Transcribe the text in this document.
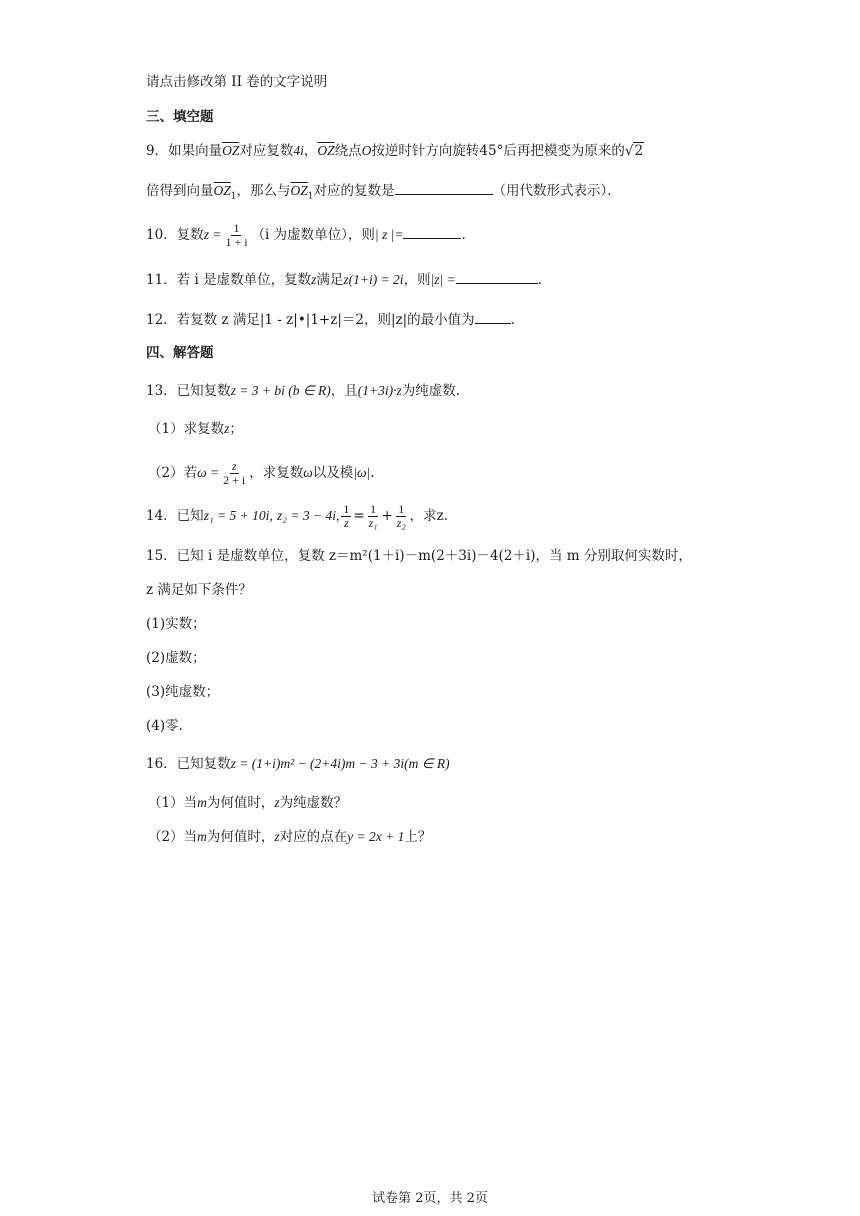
请点击修改第 II 卷的文字说明
三、填空题
9．如果向量$\overline{OZ}$对应复数4i，$\overline{OZ}$绕点O按逆时针方向旋转45°后再把模变为原来的√2
倍得到向量$\overline{OZ}_1$，那么与$\overline{OZ}_1$对应的复数是	（用代数形式表示）．
10．复数$z = \frac{1}{1 + i} (i$ 为虚数单位），则| z |=	.
11．若 i 是虚数单位，复数z满足z(1+i) = 2i，则|z| =	.
12．若复数 z 满足|1 - z|•|1+z|＝2，则|z|的最小值为	.
四、解答题
13．已知复数z = 3 + bi (b ∈ R)，且(1+3i)·z为纯虚数.
（1）求复数z；
（2）若$\omega = \frac{z}{2 + i}$ ，求复数ω以及模|ω|.
14．已知z₁ = 5 + 10i, z₂ = 3 − 4i, $\frac{1}{z} = \frac{1}{\text{z₁}} + \frac{1}{\text{z₂}}$ ，求z.
15．已知 i 是虚数单位，复数 z＝m²(1＋i)－m(2＋3i)－4(2＋i)，当 m 分别取何实数时，
z 满足如下条件？
(1)实数；
(2)虚数；
(3)纯虚数；
(4)零.
16．已知复数z = (1+i)m² − (2+4i)m − 3 + 3i(m ∈ R)
（1）当m为何值时，z为纯虚数？
（2）当m为何值时，z对应的点在y = 2x + 1上？
试卷第 2页，共 2页
